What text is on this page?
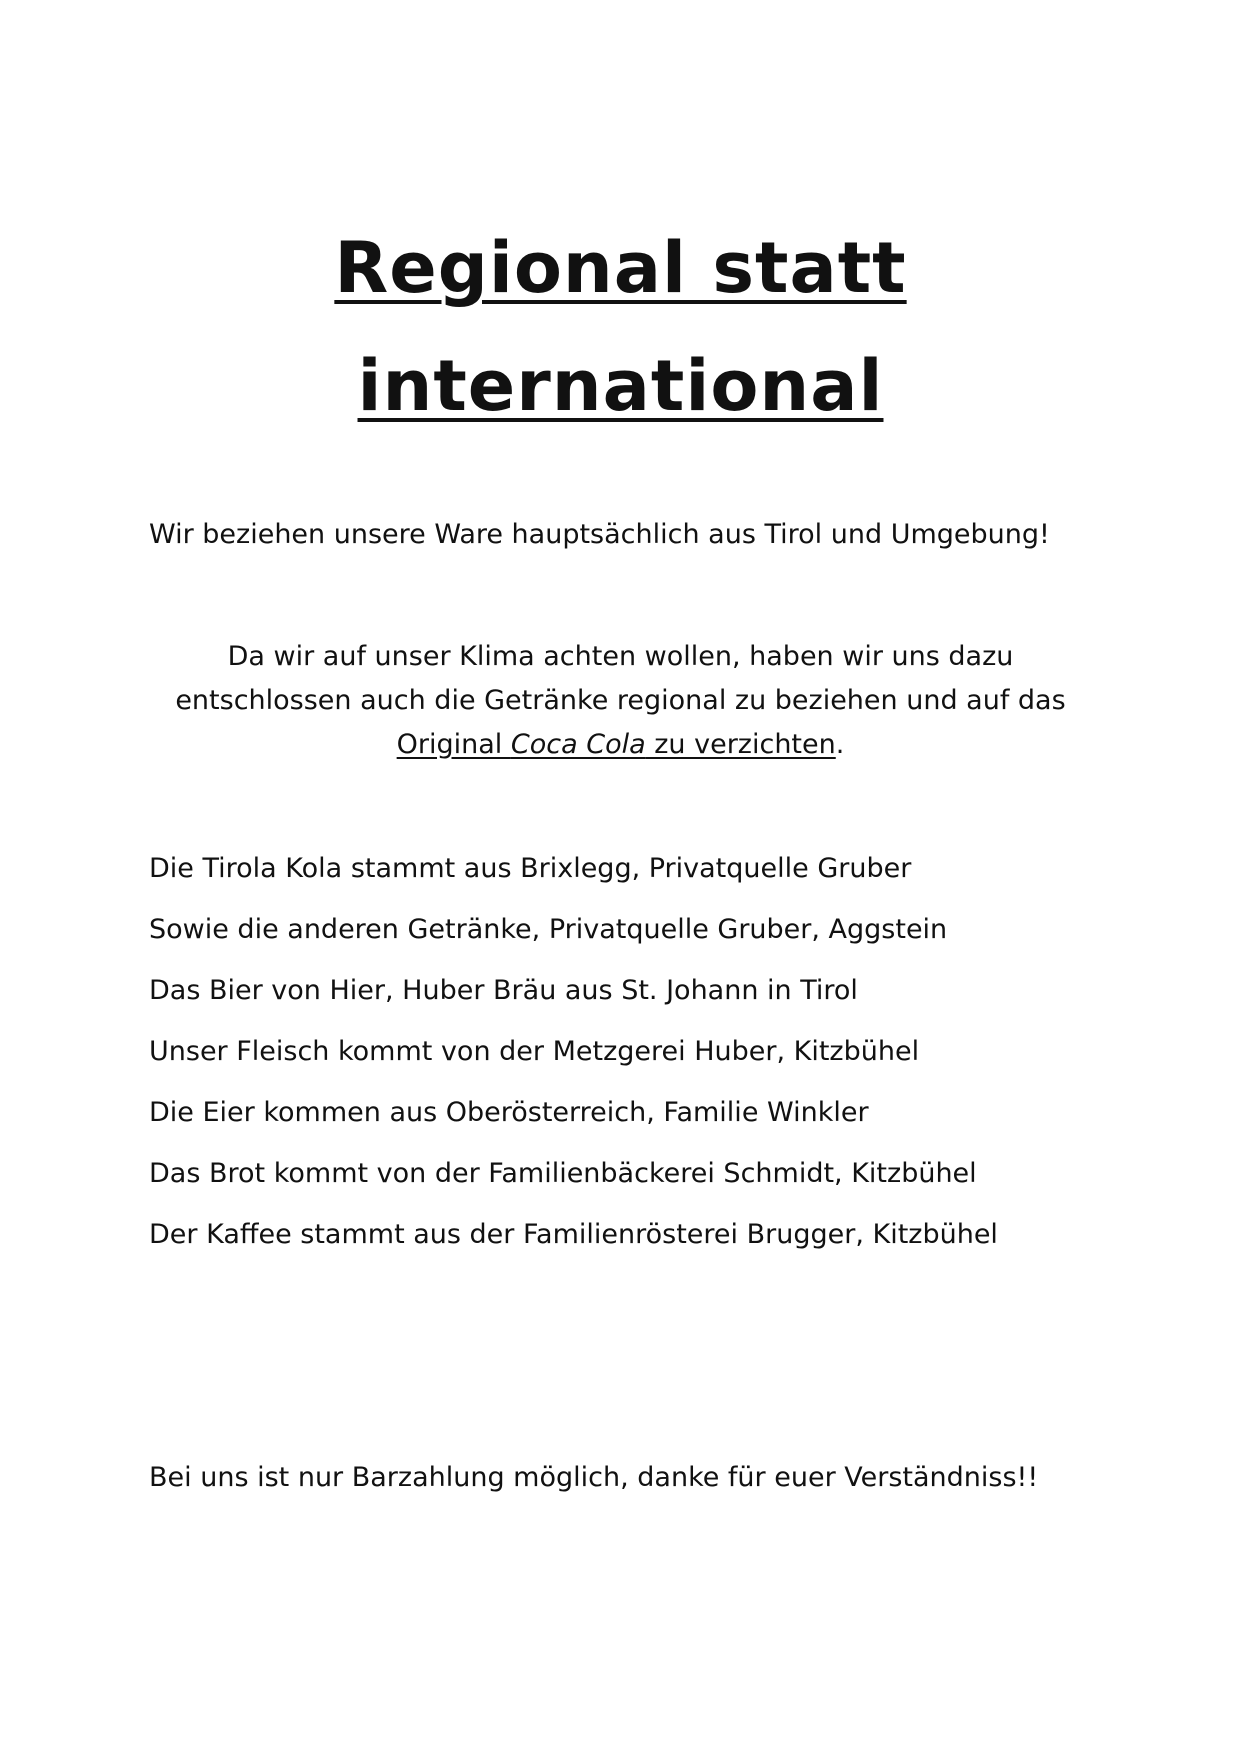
Regional statt
international
Wir beziehen unsere Ware hauptsächlich aus Tirol und Umgebung!
Da wir auf unser Klima achten wollen, haben wir uns dazu
entschlossen auch die Getränke regional zu beziehen und auf das
Original Coca Cola zu verzichten.
Die Tirola Kola stammt aus Brixlegg, Privatquelle Gruber
Sowie die anderen Getränke, Privatquelle Gruber, Aggstein
Das Bier von Hier, Huber Bräu aus St. Johann in Tirol
Unser Fleisch kommt von der Metzgerei Huber, Kitzbühel
Die Eier kommen aus Oberösterreich, Familie Winkler
Das Brot kommt von der Familienbäckerei Schmidt, Kitzbühel
Der Kaffee stammt aus der Familienrösterei Brugger, Kitzbühel
Bei uns ist nur Barzahlung möglich, danke für euer Verständniss!!
